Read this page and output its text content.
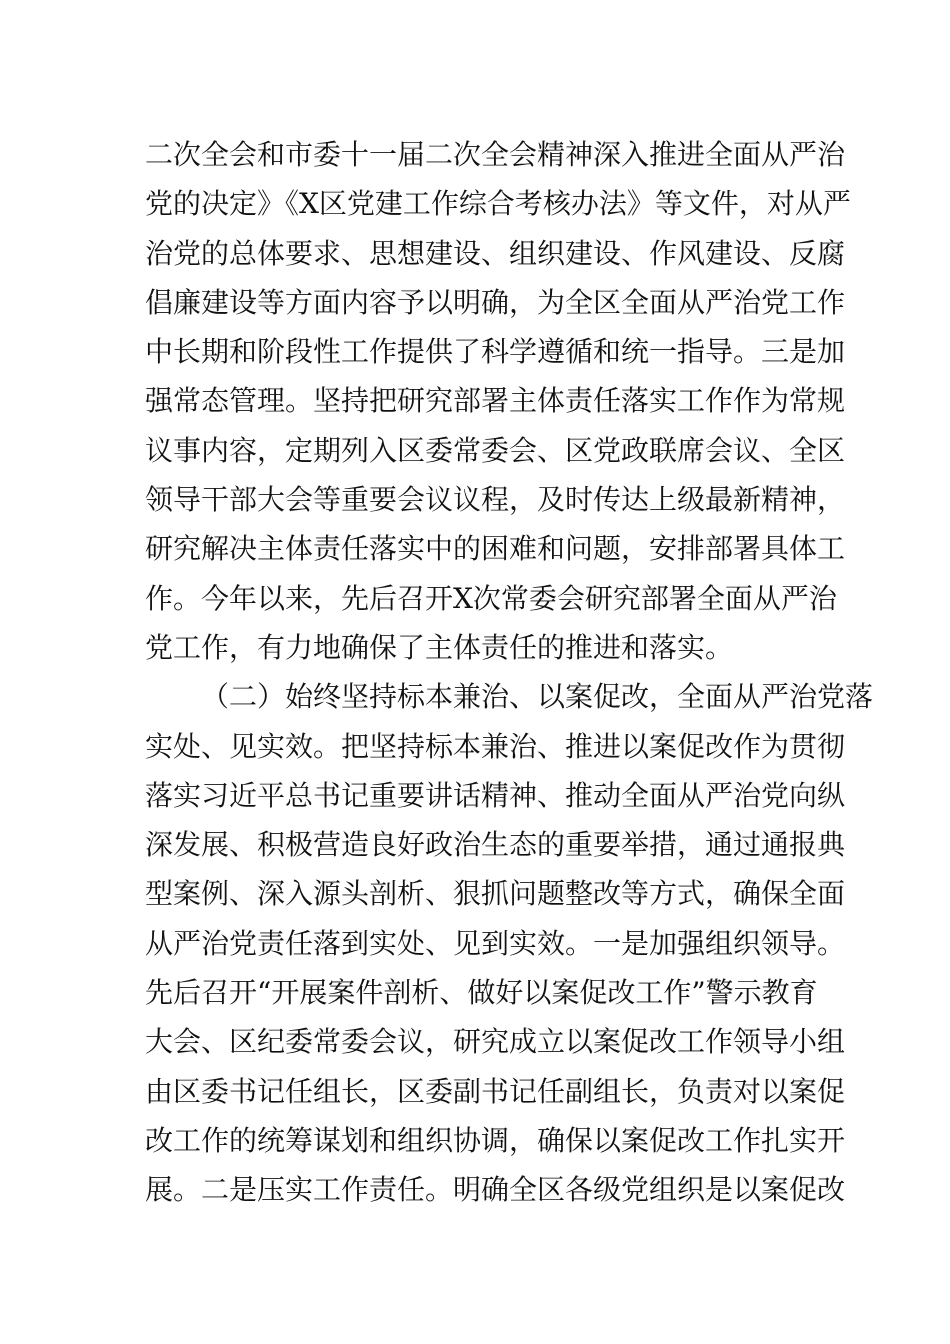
二次全会和市委十一届二次全会精神深入推进全面从严治
党的决定》《X区党建工作综合考核办法》等文件，对从严
治党的总体要求、思想建设、组织建设、作风建设、反腐
倡廉建设等方面内容予以明确，为全区全面从严治党工作
中长期和阶段性工作提供了科学遵循和统一指导。三是加
强常态管理。坚持把研究部署主体责任落实工作作为常规
议事内容，定期列入区委常委会、区党政联席会议、全区
领导干部大会等重要会议议程，及时传达上级最新精神，
研究解决主体责任落实中的困难和问题，安排部署具体工
作。今年以来，先后召开X次常委会研究部署全面从严治
党工作，有力地确保了主体责任的推进和落实。
（二）始终坚持标本兼治、以案促改，全面从严治党落
实处、见实效。把坚持标本兼治、推进以案促改作为贯彻
落实习近平总书记重要讲话精神、推动全面从严治党向纵
深发展、积极营造良好政治生态的重要举措，通过通报典
型案例、深入源头剖析、狠抓问题整改等方式，确保全面
从严治党责任落到实处、见到实效。一是加强组织领导。
先后召开“开展案件剖析、做好以案促改工作”警示教育
大会、区纪委常委会议，研究成立以案促改工作领导小组
由区委书记任组长，区委副书记任副组长，负责对以案促
改工作的统筹谋划和组织协调，确保以案促改工作扎实开
展。二是压实工作责任。明确全区各级党组织是以案促改
